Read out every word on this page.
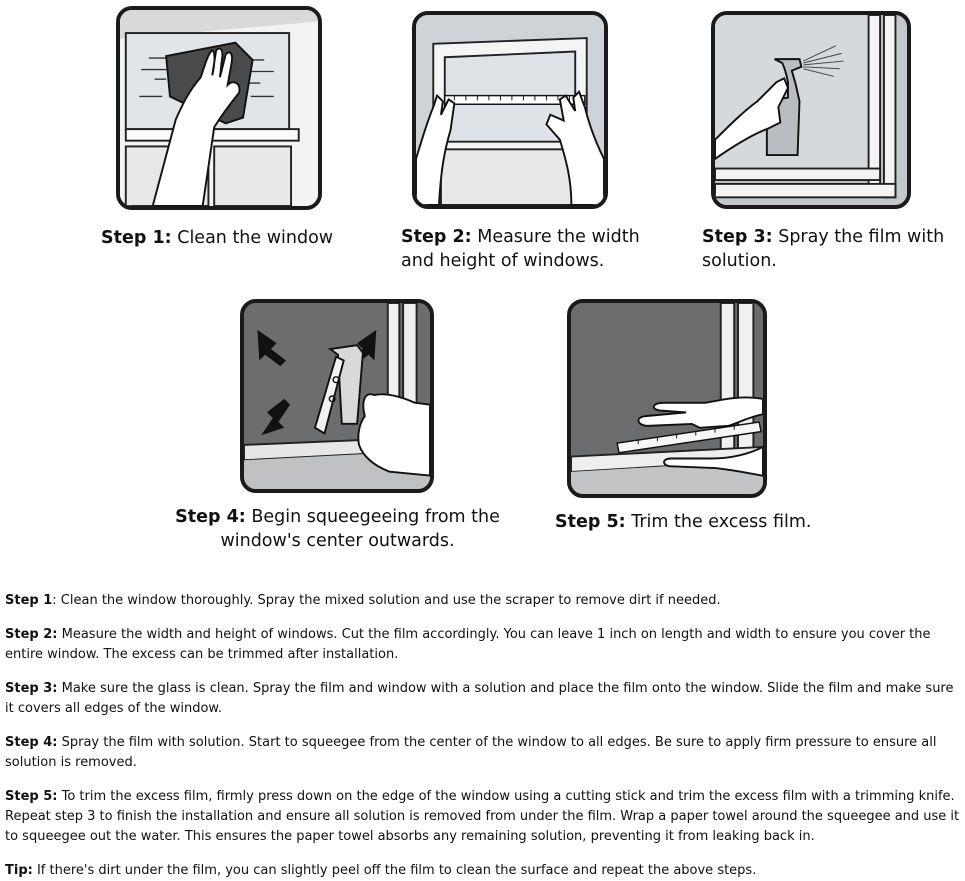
Step 1: Clean the window	Step 2: Measure the width and height of windows.
Step 3: Spray the film with solution.
Step 4: Begin squeegeeing from the window's center outwards.
Step 5: Trim the excess film.
Step 1: Clean the window thoroughly. Spray the mixed solution and use the scraper to remove dirt if needed.
Step 2: Measure the width and height of windows. Cut the film accordingly. You can leave 1 inch on length and width to ensure you cover the entire window. The excess can be trimmed after installation.
Step 3: Make sure the glass is clean. Spray the film and window with a solution and place the film onto the window. Slide the film and make sure it covers all edges of the window.
Step 4: Spray the film with solution. Start to squeegee from the center of the window to all edges. Be sure to apply firm pressure to ensure all solution is removed.
Step 5: To trim the excess film, firmly press down on the edge of the window using a cutting stick and trim the excess film with a trimming knife. Repeat step 3 to finish the installation and ensure all solution is removed from under the film. Wrap a paper towel around the squeegee and use it to squeegee out the water. This ensures the paper towel absorbs any remaining solution, preventing it from leaking back in.
Tip: If there's dirt under the film, you can slightly peel off the film to clean the surface and repeat the above steps.
